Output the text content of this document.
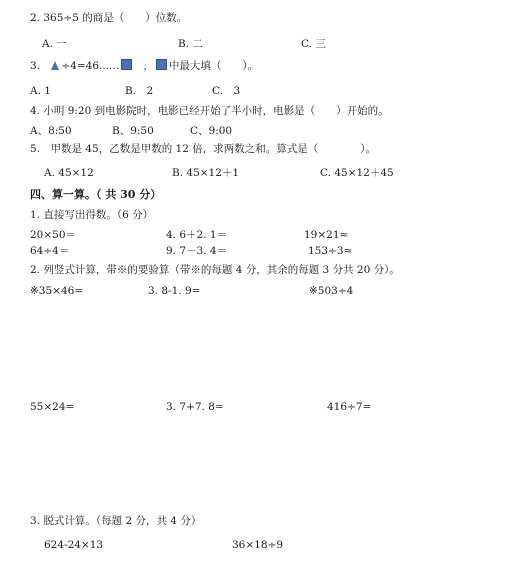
2. 365÷5 的商是（　　）位数。
A. 一	B. 二	C. 三
3. ÷4=46...... ， 中最大填（　　）。
A. 1	B.　2	C.　3
4. 小明 9:20 到电影院时，电影已经开始了半小时，电影是（　　）开始的。
A、8:50	B、9:50	C、9:00
5.　甲数是 45，乙数是甲数的 12 倍，求两数之和。算式是（　　　　）。
A. 45×12	B. 45×12＋1	C. 45×12＋45
四、算一算。（ 共 30 分）
1. 直接写出得数。（6 分）
20×50＝	4. 6＋2. 1＝	19×21≈
64÷4＝	9. 7－3. 4＝	153÷3≈
2. 列竖式计算，带※的要验算（带※的每题 4 分，其余的每题 3 分共 20 分）。
※35×46=	3. 8-1. 9=	※503÷4
55×24=	3. 7+7. 8=	416÷7=
3. 脱式计算。（每题 2 分，共 4 分）
624-24×13	36×18÷9
